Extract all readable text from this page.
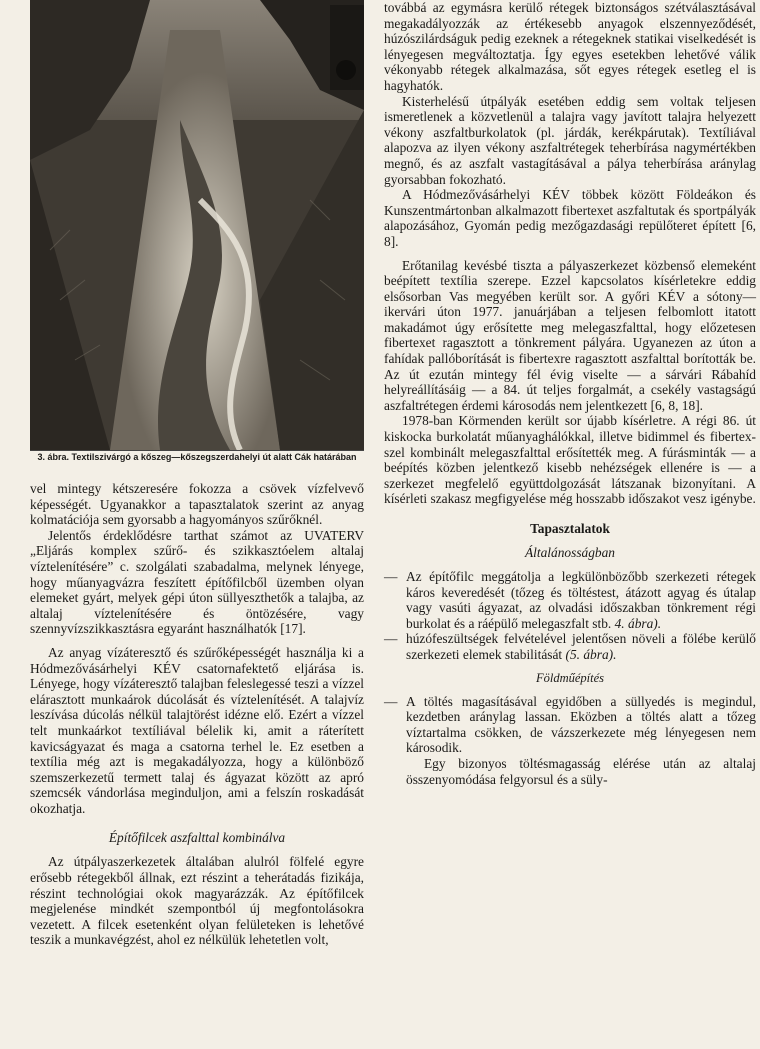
3. ábra. Textilszivárgó a kőszeg—kőszegszerdahelyi út alatt Cák határában

vel mintegy kétszeresére fokozza a csövek vízfelvevő képességét. Ugyanakkor a tapasztalatok szerint az anyag kolmatációja sem gyorsabb a hagyományos szűrőknél.

Jelentős érdeklődésre tarthat számot az UVATERV „Eljárás komplex szűrő- és szikkasztóelem altalaj víztelenítésére” c. szolgálati szabadalma, melynek lényege, hogy műanyagvázra feszített építőfilcből üzemben olyan elemeket gyárt, melyek gépi úton süllyeszthetők a talajba, az altalaj víztelenítésére és öntözésére, vagy szennyvízszikkasztásra egyaránt használhatók [17].

Az anyag vízáteresztő és szűrőképességét használja ki a Hódmezővásárhelyi KÉV csatornafektető eljárása is. Lényege, hogy vízáteresztő talajban feleslegessé teszi a vízzel elárasztott munkaárok dúcolását és víztelenítését. A talajvíz leszívása dúcolás nélkül talajtörést idézne elő. Ezért a vízzel telt munkaárkot textíliával bélelik ki, amit a ráterített kavicságyazat és maga a csatorna terhel le. Ez esetben a textília még azt is megakadályozza, hogy a különböző szemszerkezetű termett talaj és ágyazat között az apró szemcsék vándorlása meginduljon, ami a felszín roskadását okozhatja.

Építőfilcek aszfalttal kombinálva

Az útpályaszerkezetek általában alulról fölfelé egyre erősebb rétegekből állnak, ezt részint a teherátadás fizikája, részint technológiai okok magyarázzák. Az építőfilcek megjelenése mindkét szempontból új megfontolásokra vezetett. A filcek esetenként olyan felületeken is lehetővé teszik a munkavégzést, ahol ez nélkülük lehetetlen volt,

továbbá az egymásra kerülő rétegek biztonságos szétválasztásával megakadályozzák az értékesebb anyagok elszennyeződését, húzószilárdságuk pedig ezeknek a rétegeknek statikai viselkedését is lényegesen megváltoztatja. Így egyes esetekben lehetővé válik vékonyabb rétegek alkalmazása, sőt egyes rétegek esetleg el is hagyhatók.

Kisterhelésű útpályák esetében eddig sem voltak teljesen ismeretlenek a közvetlenül a talajra vagy javított talajra helyezett vékony aszfaltburkolatok (pl. járdák, kerékpárutak). Textíliával alapozva az ilyen vékony aszfaltrétegek teherbírása nagymértékben megnő, és az aszfalt vastagításával a pálya teherbírása aránylag gyorsabban fokozható.

A Hódmezővásárhelyi KÉV többek között Földeákon és Kunszentmártonban alkalmazott fibertexet aszfaltutak és sportpályák alapozásához, Gyomán pedig mezőgazdasági repülőteret épített [6, 8].

Erőtanilag kevésbé tiszta a pályaszerkezet közbenső elemeként beépített textília szerepe. Ezzel kapcsolatos kísérletekre eddig elsősorban Vas megyében került sor. A győri KÉV a sótony—ikervári úton 1977. januárjában a teljesen felbomlott itatott makadámot úgy erősítette meg melegaszfalttal, hogy előzetesen fibertexet ragasztott a tönkrement pályára. Ugyanezen az úton a fahídak pallóborítását is fibertexre ragasztott aszfalttal borították be. Az út ezután mintegy fél évig viselte — a sárvári Rábahíd helyreállításáig — a 84. út teljes forgalmát, a csekély vastagságú aszfaltrétegen érdemi károsodás nem jelentkezett [6, 8, 18].

1978-ban Körmenden került sor újabb kísérletre. A régi 86. út kiskocka burkolatát műanyaghálókkal, illetve bidimmel és fibertex-szel kombinált melegaszfalttal erősítették meg. A fúrásminták — a beépítés közben jelentkező kisebb nehézségek ellenére is — a szerkezet megfelelő együttdolgozását látszanak bizonyítani. A kísérleti szakasz megfigyelése még hosszabb időszakot vesz igénybe.

Tapasztalatok
Általánosságban
— Az építőfilc meggátolja a legkülönbözőbb szerkezeti rétegek káros keveredését (tőzeg és töltéstest, átázott agyag és útalap vagy vasúti ágyazat, az olvadási időszakban tönkrement régi burkolat és a ráépülő melegaszfalt stb. 4. ábra).

— húzófeszültségek felvételével jelentősen növeli a fölébe kerülő szerkezeti elemek stabilitását (5. ábra).

Földműépítés
— A töltés magasításával egyidőben a süllyedés is megindul, kezdetben aránylag lassan. Eközben a töltés alatt a tőzeg víztartalma csökken, de vázszerkezete még lényegesen nem károsodik.

Egy bizonyos töltésmagasság elérése után az altalaj összenyomódása felgyorsul és a süly-
